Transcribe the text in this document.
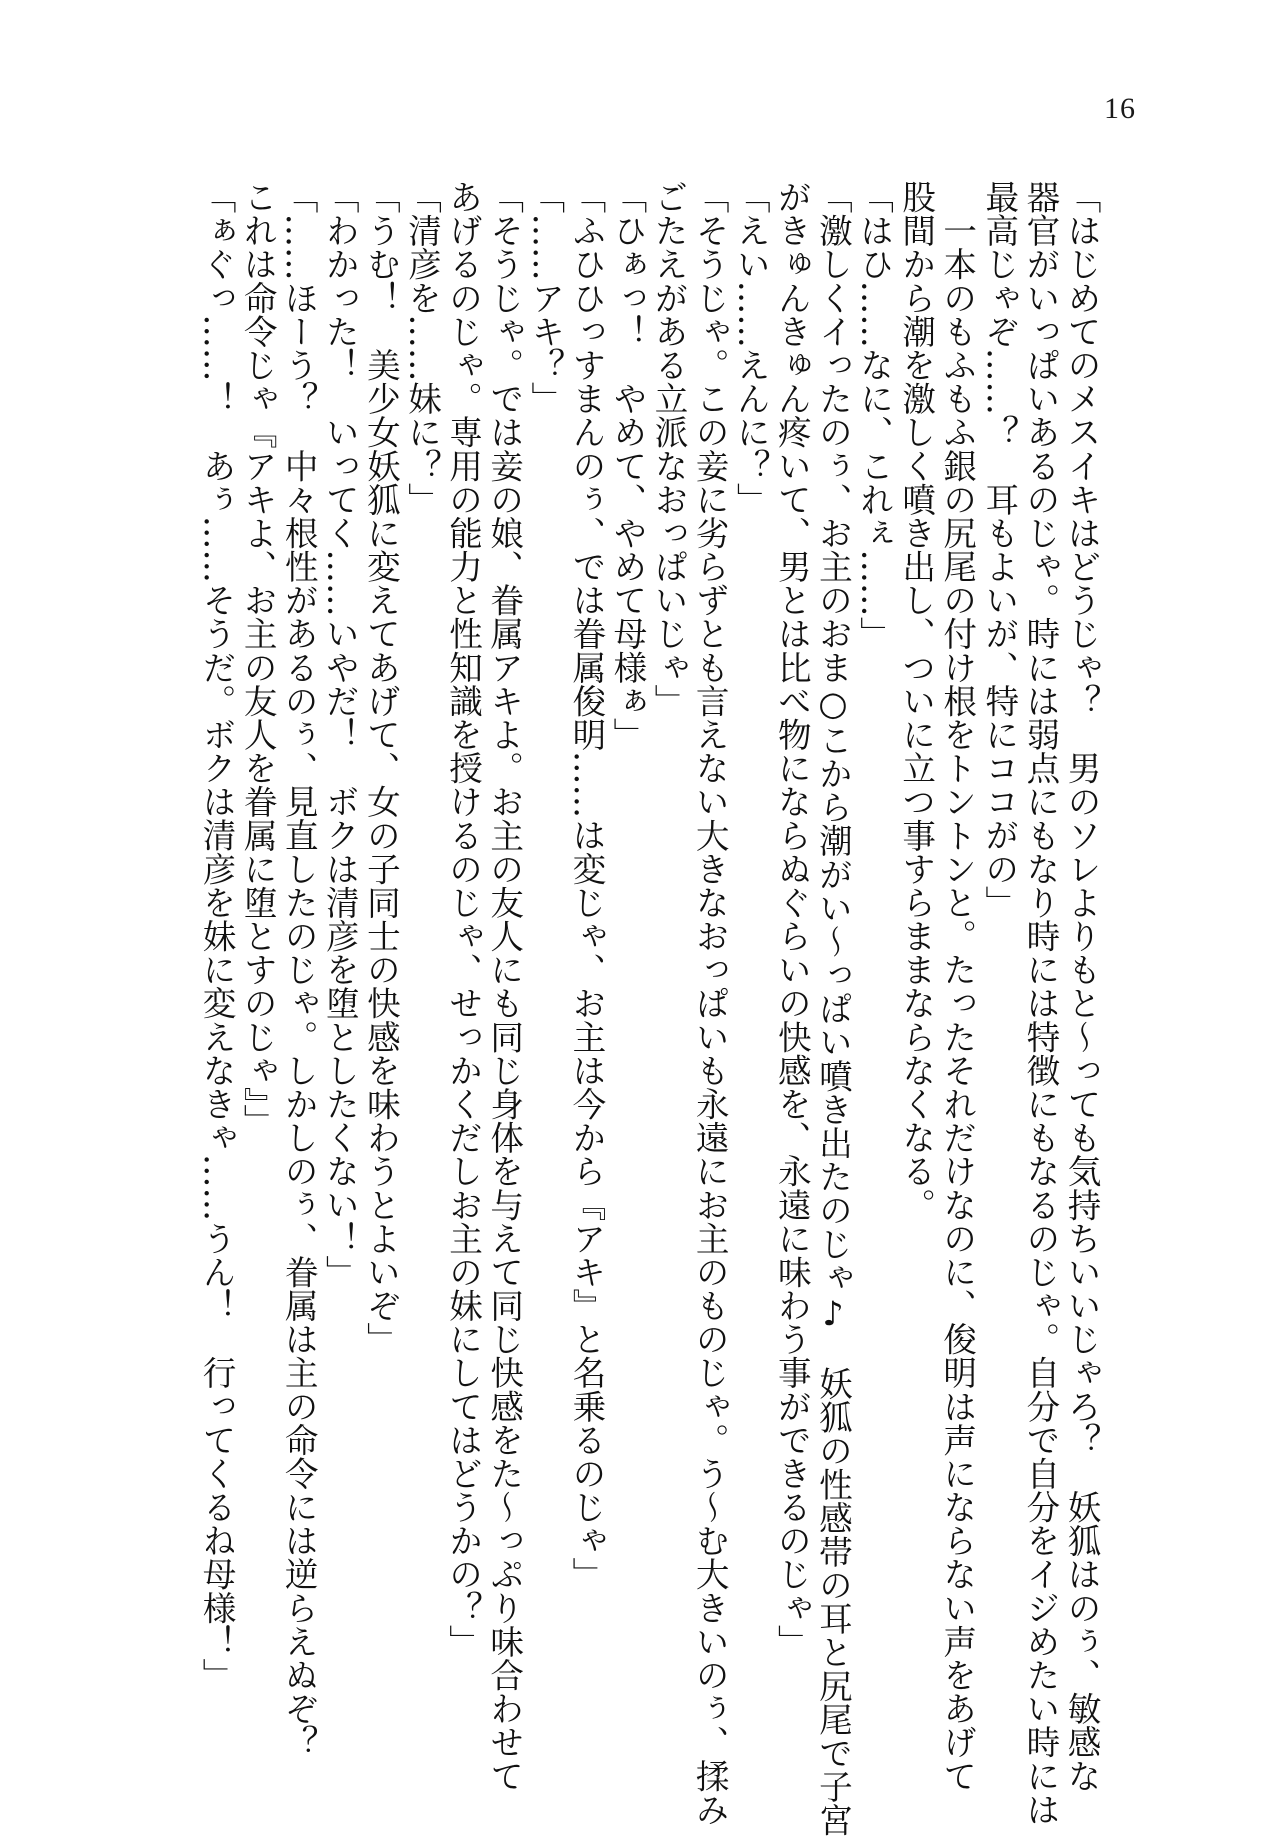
16
「はじめてのメスイキはどうじゃ？　男のソレよりもと～っても気持ちいいじゃろ？　妖狐はのぅ、敏感な
器官がいっぱいあるのじゃ。時には弱点にもなり時には特徴にもなるのじゃ。自分で自分をイジめたい時には
最高じゃぞ……？　耳もよいが、特にココがの」
　一本のもふもふ銀の尻尾の付け根をトントンと。たったそれだけなのに、俊明は声にならない声をあげて
股間から潮を激しく噴き出し、ついに立つ事すらままならなくなる。
「はひ……なに、これぇ……」
「激しくイったのぅ、お主のおま○こから潮がい～っぱい噴き出たのじゃ♪　妖狐の性感帯の耳と尻尾で子宮
がきゅんきゅん疼いて、男とは比べ物にならぬぐらいの快感を、永遠に味わう事ができるのじゃ」
「えい……えんに？」
「そうじゃ。この妾に劣らずとも言えない大きなおっぱいも永遠にお主のものじゃ。う～む大きいのぅ、揉み
ごたえがある立派なおっぱいじゃ」
「ひぁっ！　やめて、やめて母様ぁ」
「ふひひっすまんのぅ、では眷属俊明……は変じゃ、お主は今から『アキ』と名乗るのじゃ」
「……アキ？」
「そうじゃ。では妾の娘、眷属アキよ。お主の友人にも同じ身体を与えて同じ快感をた～っぷり味合わせて
あげるのじゃ。専用の能力と性知識を授けるのじゃ、せっかくだしお主の妹にしてはどうかの？」
「清彦を……妹に？」
「うむ！　美少女妖狐に変えてあげて、女の子同士の快感を味わうとよいぞ」
「わかった！　いってく……いやだ！　ボクは清彦を堕としたくない！」
「……ほーう？　中々根性があるのぅ、見直したのじゃ。しかしのぅ、眷属は主の命令には逆らえぬぞ？
これは命令じゃ『アキよ、お主の友人を眷属に堕とすのじゃ』」
「ぁぐっ……！　あぅ……そうだ。ボクは清彦を妹に変えなきゃ……うん！　行ってくるね母様！」
